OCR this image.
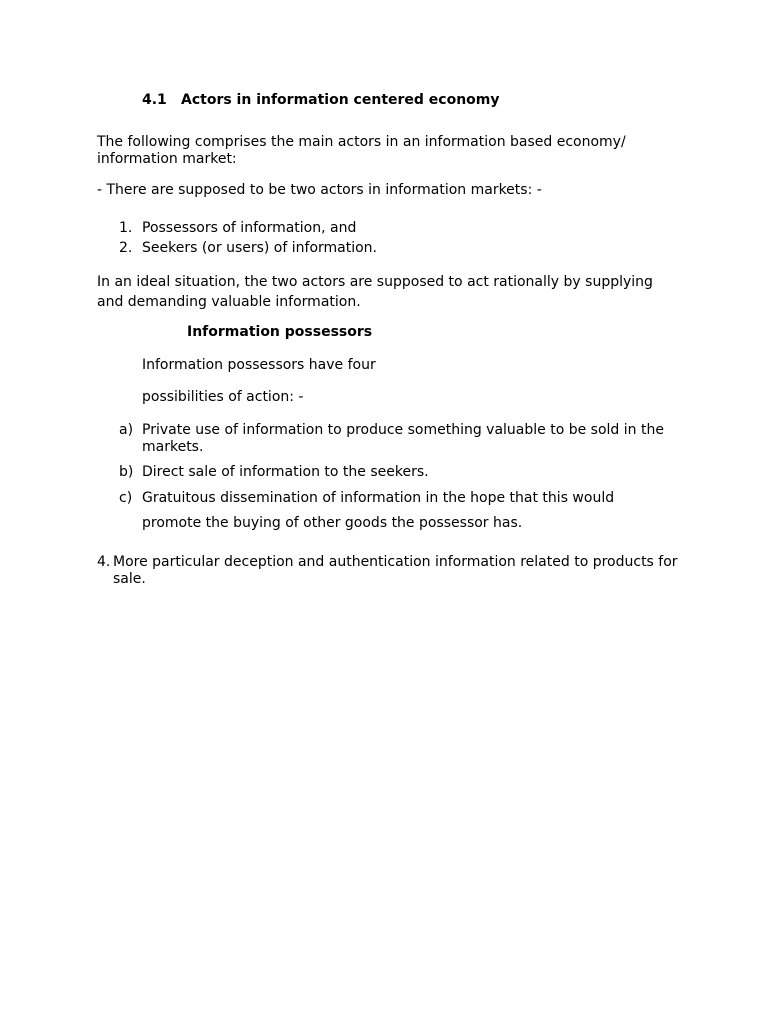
4.1 Actors in information centered economy
The following comprises the main actors in an information based economy/
information market:
- There are supposed to be two actors in information markets: -
1. Possessors of information, and
2. Seekers (or users) of information.
In an ideal situation, the two actors are supposed to act rationally by supplying
and demanding valuable information.
Information possessors
Information possessors have four
possibilities of action: -
a) Private use of information to produce something valuable to be sold in the
markets.
b) Direct sale of information to the seekers.
c) Gratuitous dissemination of information in the hope that this would
promote the buying of other goods the possessor has.
4. More particular deception and authentication information related to products for
sale.
